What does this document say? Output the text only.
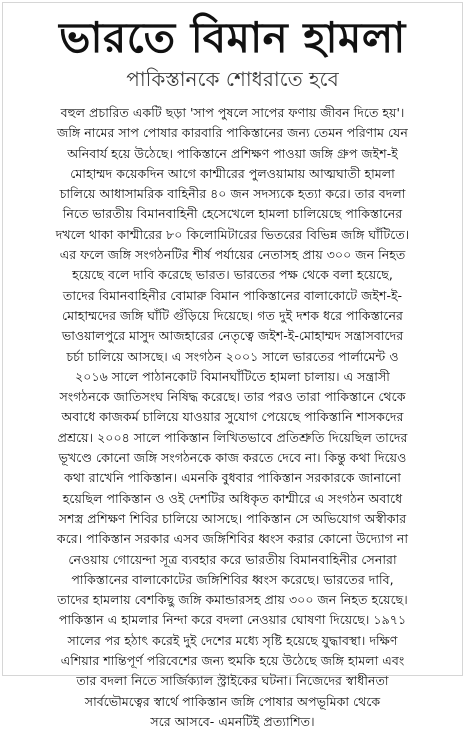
ভারতে বিমান হামলা
পাকিস্তানকে শোধরাতে হবে
বহুল প্রচারিত একটি ছড়া 'সাপ পুষলে সাপের ফণায় জীবন দিতে হয়'।
জঙ্গি নামের সাপ পোষার কারবারি পাকিস্তানের জন্য তেমন পরিণাম যেন
অনিবার্য হয়ে উঠেছে। পাকিস্তানে প্রশিক্ষণ পাওয়া জঙ্গি গ্রুপ জইশ-ই
মোহাম্মদ কয়েকদিন আগে কাশ্মীরের পুলওয়ামায় আত্মঘাতী হামলা
চালিয়ে আধাসামরিক বাহিনীর ৪০ জন সদস্যকে হত্যা করে। তার বদলা
নিতে ভারতীয় বিমানবাহিনী হেসেখেলে হামলা চালিয়েছে পাকিস্তানের
দখলে থাকা কাশ্মীরের ৮০ কিলোমিটারের ভিতরের বিভিন্ন জঙ্গি ঘাঁটিতে।
এর ফলে জঙ্গি সংগঠনটির শীর্ষ পর্যায়ের নেতাসহ প্রায় ৩০০ জন নিহত
হয়েছে বলে দাবি করেছে ভারত। ভারতের পক্ষ থেকে বলা হয়েছে,
তাদের বিমানবাহিনীর বোমারু বিমান পাকিস্তানের বালাকোটে জইশ-ই-
মোহাম্মদের জঙ্গি ঘাঁটি গুঁড়িয়ে দিয়েছে। গত দুই দশক ধরে পাকিস্তানের
ভাওয়ালপুরে মাসুদ আজহারের নেতৃত্বে জইশ-ই-মোহাম্মদ সন্ত্রাসবাদের
চর্চা চালিয়ে আসছে। এ সংগঠন ২০০১ সালে ভারতের পার্লামেন্ট ও
২০১৬ সালে পাঠানকোট বিমানঘাঁটিতে হামলা চালায়। এ সন্ত্রাসী
সংগঠনকে জাতিসংঘ নিষিদ্ধ করেছে। তার পরও তারা পাকিস্তানে থেকে
অবাধে কাজকর্ম চালিয়ে যাওয়ার সুযোগ পেয়েছে পাকিস্তানি শাসকদের
প্রশ্রয়ে। ২০০৪ সালে পাকিস্তান লিখিতভাবে প্রতিশ্রুতি দিয়েছিল তাদের
ভূখণ্ডে কোনো জঙ্গি সংগঠনকে কাজ করতে দেবে না। কিন্তু কথা দিয়েও
কথা রাখেনি পাকিস্তান। এমনকি বুধবার পাকিস্তান সরকারকে জানানো
হয়েছিল পাকিস্তান ও ওই দেশটির অধিকৃত কাশ্মীরে এ সংগঠন অবাধে
সশস্ত্র প্রশিক্ষণ শিবির চালিয়ে আসছে। পাকিস্তান সে অভিযোগ অস্বীকার
করে। পাকিস্তান সরকার এসব জঙ্গিশিবির ধ্বংস করার কোনো উদ্যোগ না
নেওয়ায় গোয়েন্দা সূত্র ব্যবহার করে ভারতীয় বিমানবাহিনীর সেনারা
পাকিস্তানের বালাকোটের জঙ্গিশিবির ধ্বংস করেছে। ভারতের দাবি,
তাদের হামলায় বেশকিছু জঙ্গি কমান্ডারসহ প্রায় ৩০০ জন নিহত হয়েছে।
পাকিস্তান এ হামলার নিন্দা করে বদলা নেওয়ার ঘোষণা দিয়েছে। ১৯৭১
সালের পর হঠাৎ করেই দুই দেশের মধ্যে সৃষ্টি হয়েছে যুদ্ধাবস্থা। দক্ষিণ
এশিয়ার শান্তিপূর্ণ পরিবেশের জন্য হুমকি হয়ে উঠেছে জঙ্গি হামলা এবং
তার বদলা নিতে সার্জিক্যাল স্ট্রাইকের ঘটনা। নিজেদের স্বাধীনতা
সার্বভৌমত্বের স্বার্থে পাকিস্তান জঙ্গি পোষার অপভূমিকা থেকে
সরে আসবে- এমনটিই প্রত্যাশিত।
